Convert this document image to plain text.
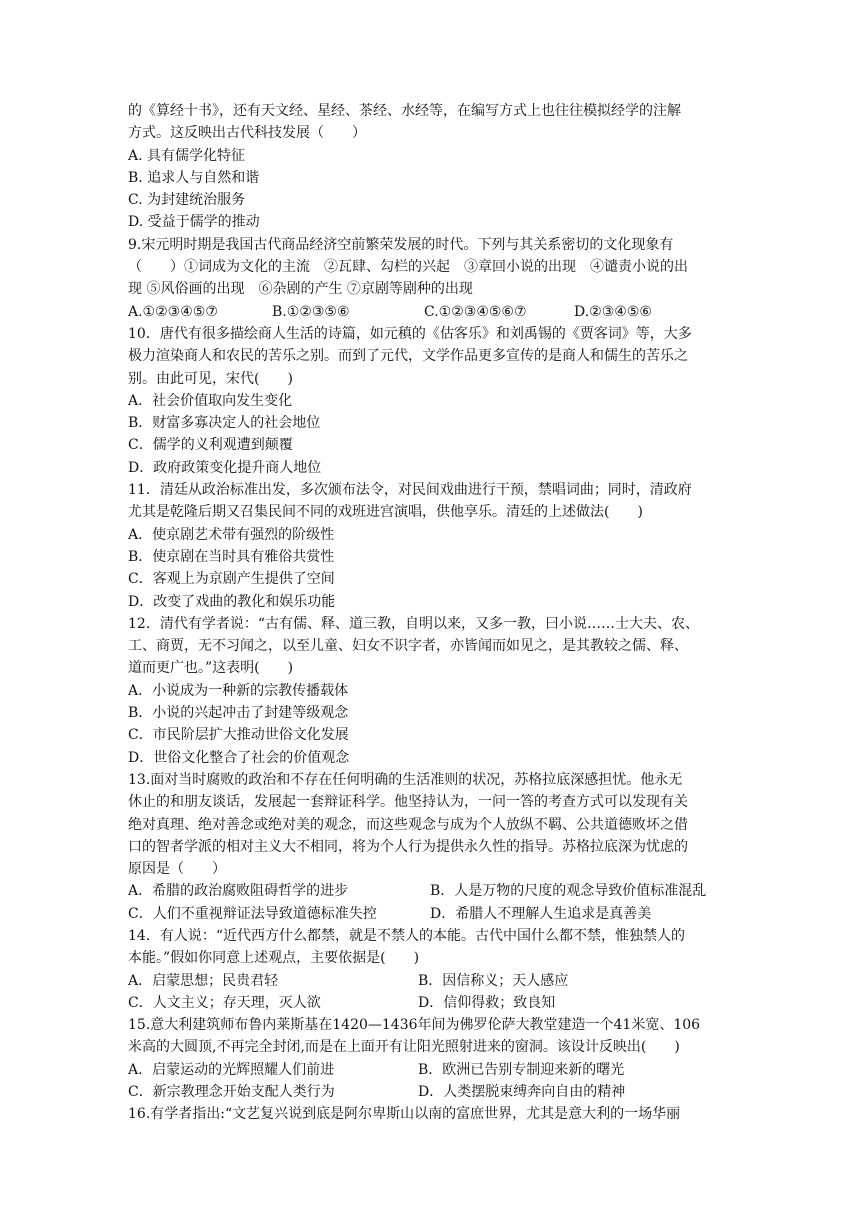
的《算经十书》，还有天文经、星经、茶经、水经等，在编写方式上也往往模拟经学的注解
方式。这反映出古代科技发展（　　）
A. 具有儒学化特征
B. 追求人与自然和谐
C. 为封建统治服务
D. 受益于儒学的推动
9.宋元明时期是我国古代商品经济空前繁荣发展的时代。下列与其关系密切的文化现象有
（　　）①词成为文化的主流　②瓦肆、勾栏的兴起　③章回小说的出现　④谴责小说的出
现 ⑤风俗画的出现　⑥杂剧的产生 ⑦京剧等剧种的出现
A.①②③④⑤⑦	B.①②③⑤⑥	C.①②③④⑤⑥⑦	D.②③④⑤⑥
10．唐代有很多描绘商人生活的诗篇，如元稹的《估客乐》和刘禹锡的《贾客词》等，大多
极力渲染商人和农民的苦乐之别。而到了元代，文学作品更多宣传的是商人和儒生的苦乐之
别。由此可见，宋代(　　)
A．社会价值取向发生变化
B．财富多寡决定人的社会地位
C．儒学的义利观遭到颠覆
D．政府政策变化提升商人地位
11．清廷从政治标准出发，多次颁布法令，对民间戏曲进行干预，禁唱词曲；同时，清政府
尤其是乾隆后期又召集民间不同的戏班进宫演唱，供他享乐。清廷的上述做法(　　)
A．使京剧艺术带有强烈的阶级性
B．使京剧在当时具有雅俗共赏性
C．客观上为京剧产生提供了空间
D．改变了戏曲的教化和娱乐功能
12．清代有学者说：“古有儒、释、道三教，自明以来，又多一教，曰小说……士大夫、农、
工、商贾，无不习闻之，以至儿童、妇女不识字者，亦皆闻而如见之，是其教较之儒、释、
道而更广也。”这表明(　　)
A．小说成为一种新的宗教传播载体
B．小说的兴起冲击了封建等级观念
C．市民阶层扩大推动世俗文化发展
D．世俗文化整合了社会的价值观念
13.面对当时腐败的政治和不存在任何明确的生活准则的状况，苏格拉底深感担忧。他永无
休止的和朋友谈话，发展起一套辩证科学。他坚持认为，一问一答的考查方式可以发现有关
绝对真理、绝对善念或绝对美的观念，而这些观念与成为个人放纵不羁、公共道德败坏之借
口的智者学派的相对主义大不相同，将为个人行为提供永久性的指导。苏格拉底深为忧虑的
原因是（　　）
A．希腊的政治腐败阻碍哲学的进步	B．人是万物的尺度的观念导致价值标准混乱
C．人们不重视辩证法导致道德标准失控	D．希腊人不理解人生追求是真善美
14．有人说：“近代西方什么都禁，就是不禁人的本能。古代中国什么都不禁，惟独禁人的
本能。”假如你同意上述观点，主要依据是(　　)
A．启蒙思想；民贵君轻	B．因信称义；天人感应
C．人文主义；存天理，灭人欲	D．信仰得救；致良知
15.意大利建筑师布鲁内莱斯基在1420—1436年间为佛罗伦萨大教堂建造一个41米宽、106
米高的大圆顶,不再完全封闭,而是在上面开有让阳光照射进来的窗洞。该设计反映出(　　)
A．启蒙运动的光辉照耀人们前进	B．欧洲已告别专制迎来新的曙光
C．新宗教理念开始支配人类行为	D．人类摆脱束缚奔向自由的精神
16.有学者指出:“文艺复兴说到底是阿尔卑斯山以南的富庶世界，尤其是意大利的一场华丽
